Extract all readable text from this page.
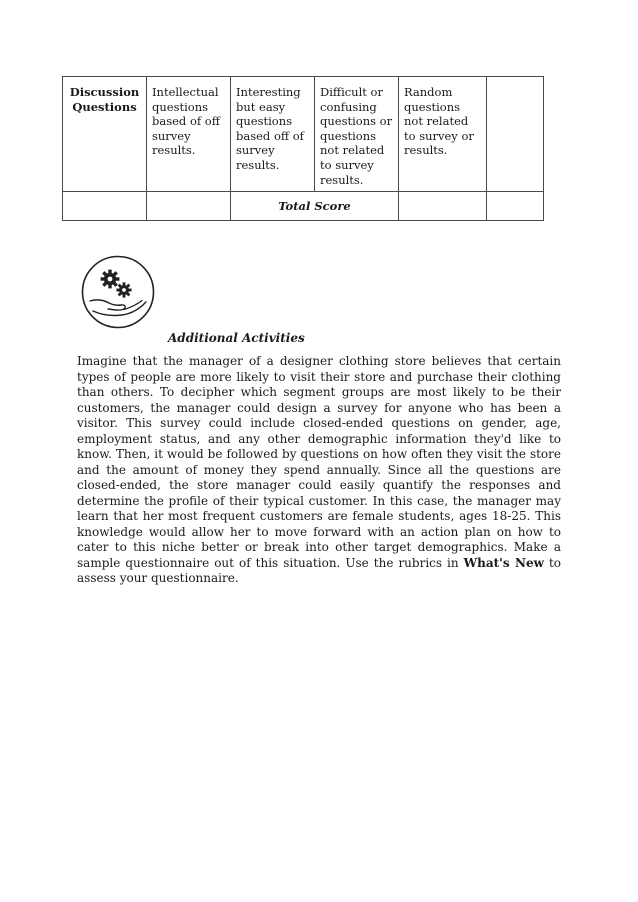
Discussion Questions	Intellectual questions based of off survey results.	Interesting but easy questions based off of survey results.	Difficult or confusing questions or questions not related to survey results.	Random questions not related to survey or results.	
		Total Score			
Additional Activities

Imagine that the manager of a designer clothing store believes that certain types of people are more likely to visit their store and purchase their clothing than others. To decipher which segment groups are most likely to be their customers, the manager could design a survey for anyone who has been a visitor. This survey could include closed-ended questions on gender, age, employment status, and any other demographic information they'd like to know. Then, it would be followed by questions on how often they visit the store and the amount of money they spend annually. Since all the questions are closed-ended, the store manager could easily quantify the responses and determine the profile of their typical customer. In this case, the manager may learn that her most frequent customers are female students, ages 18-25. This knowledge would allow her to move forward with an action plan on how to cater to this niche better or break into other target demographics. Make a sample questionnaire out of this situation. Use the rubrics in What's New to assess your questionnaire.
